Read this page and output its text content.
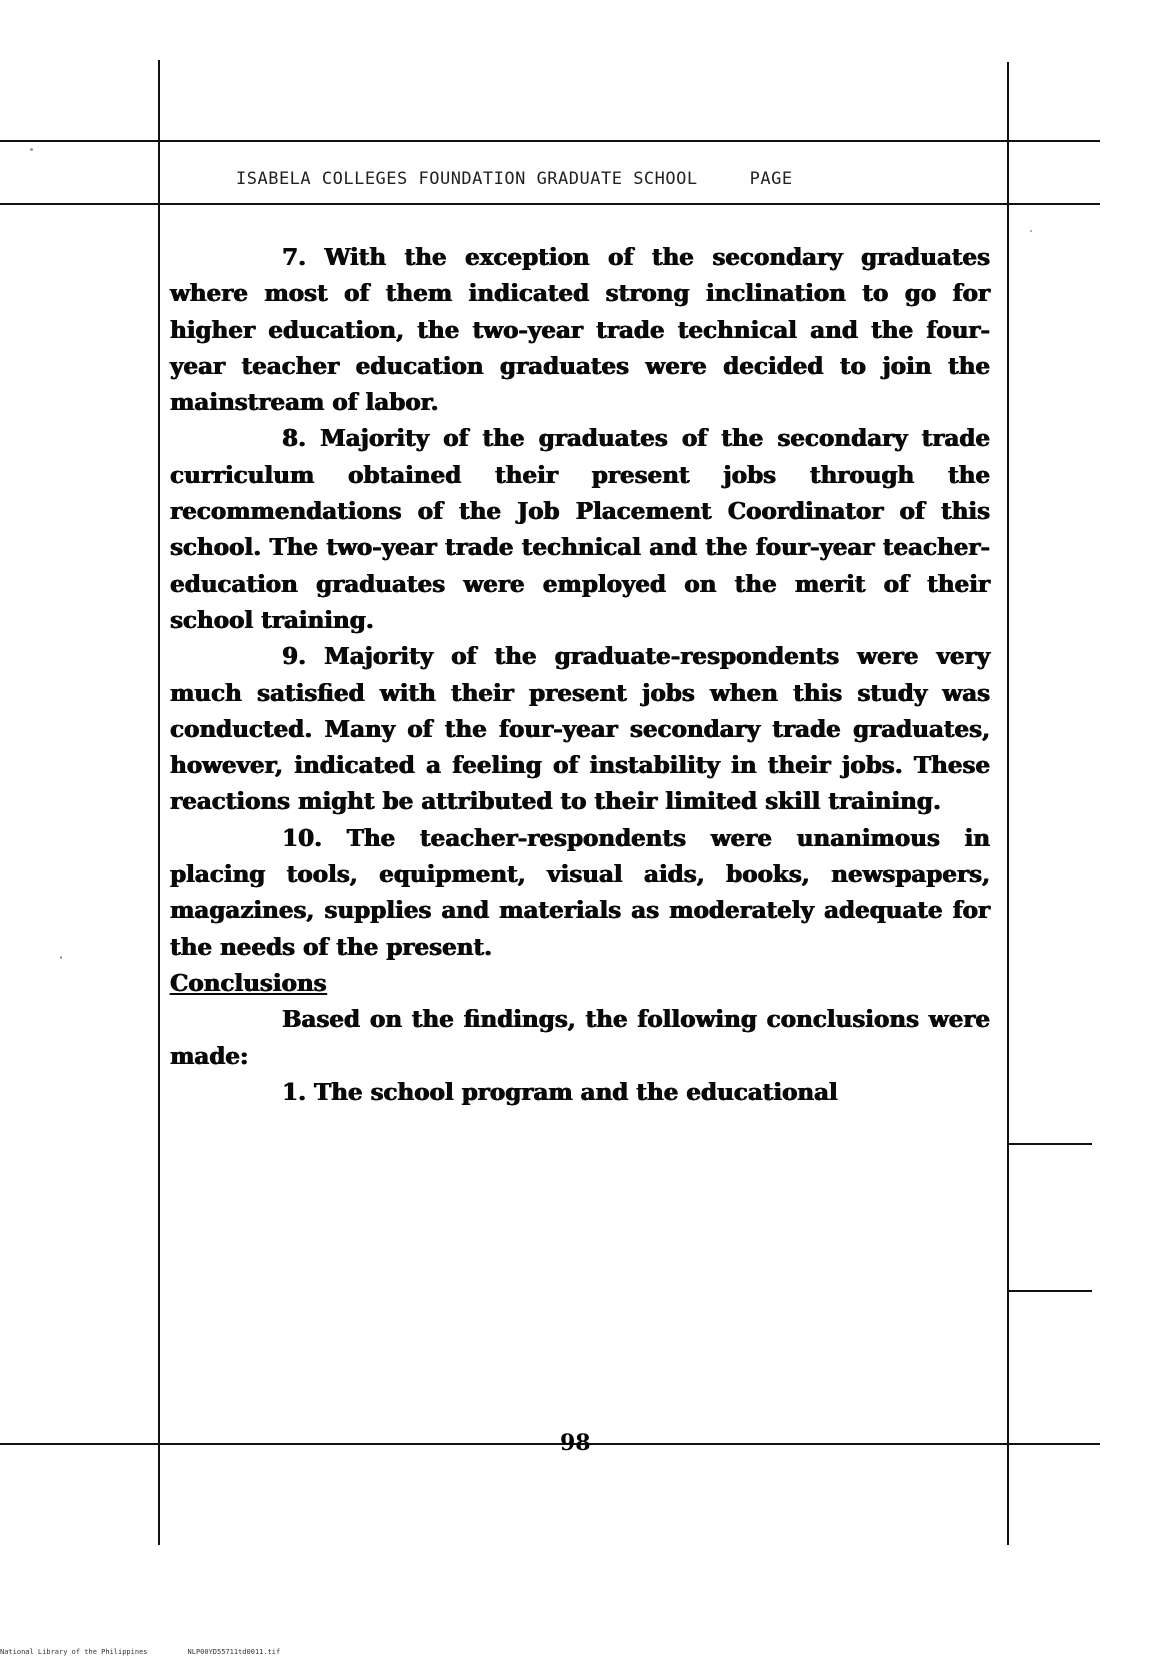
ISABELA COLLEGES FOUNDATION GRADUATE SCHOOL	PAGE

7. With the exception of the secondary graduates where most of them indicated strong inclination to go for higher education, the two-year trade technical and the four-year teacher education graduates were decided to join the mainstream of labor.

8. Majority of the graduates of the secondary trade curriculum obtained their present jobs through the recommendations of the Job Placement Coordinator of this school. The two-year trade technical and the four-year teacher-education graduates were employed on the merit of their school training.

9. Majority of the graduate-respondents were very much satisfied with their present jobs when this study was conducted. Many of the four-year secondary trade graduates, however, indicated a feeling of instability in their jobs. These reactions might be attributed to their limited skill training.

10. The teacher-respondents were unanimous in placing tools, equipment, visual aids, books, newspapers, magazines, supplies and materials as moderately adequate for the needs of the present.

Conclusions

Based on the findings, the following conclusions were made:

1. The school program and the educational

98
National Library of the Philippines	NLP00YD55711td0011.tif
